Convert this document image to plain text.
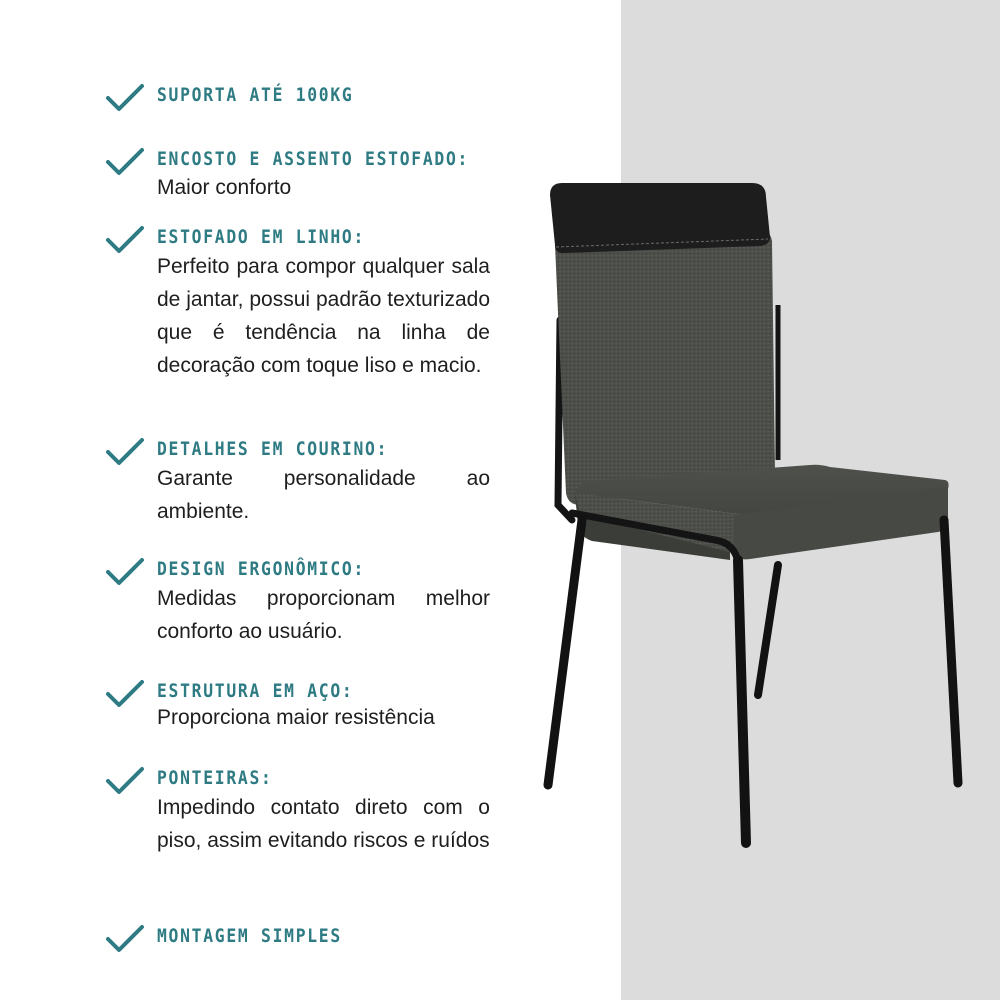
SUPORTA ATÉ 100KG
ENCOSTO E ASSENTO ESTOFADO:
Maior conforto
ESTOFADO EM LINHO:
Perfeito para compor qualquer sala de jantar, possui padrão texturizado que é tendência na linha de decoração com toque liso e macio.
DETALHES EM COURINO:
Garante personalidade ao ambiente.
DESIGN ERGONÔMICO:
Medidas proporcionam melhor conforto ao usuário.
ESTRUTURA EM AÇO:
Proporciona maior resistência
PONTEIRAS:
Impedindo contato direto com o piso, assim evitando riscos e ruídos
MONTAGEM SIMPLES
